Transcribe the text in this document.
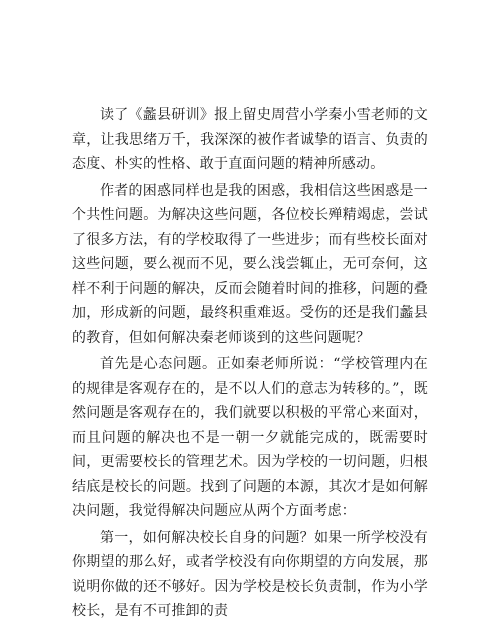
读了《蠡县研训》报上留史周营小学秦小雪老师的文章，让我思绪万千，我深深的被作者诚挚的语言、负责的态度、朴实的性格、敢于直面问题的精神所感动。

作者的困惑同样也是我的困惑，我相信这些困惑是一个共性问题。为解决这些问题，各位校长殚精竭虑，尝试了很多方法，有的学校取得了一些进步；而有些校长面对这些问题，要么视而不见，要么浅尝辄止，无可奈何，这样不利于问题的解决，反而会随着时间的推移，问题的叠加，形成新的问题，最终积重难返。受伤的还是我们蠡县的教育，但如何解决秦老师谈到的这些问题呢？

首先是心态问题。正如秦老师所说：“学校管理内在的规律是客观存在的，是不以人们的意志为转移的。”，既然问题是客观存在的，我们就要以积极的平常心来面对，而且问题的解决也不是一朝一夕就能完成的，既需要时间，更需要校长的管理艺术。因为学校的一切问题，归根结底是校长的问题。找到了问题的本源，其次才是如何解决问题，我觉得解决问题应从两个方面考虑：

第一，如何解决校长自身的问题？如果一所学校没有你期望的那么好，或者学校没有向你期望的方向发展，那说明你做的还不够好。因为学校是校长负责制，作为小学校长，是有不可推卸的责
